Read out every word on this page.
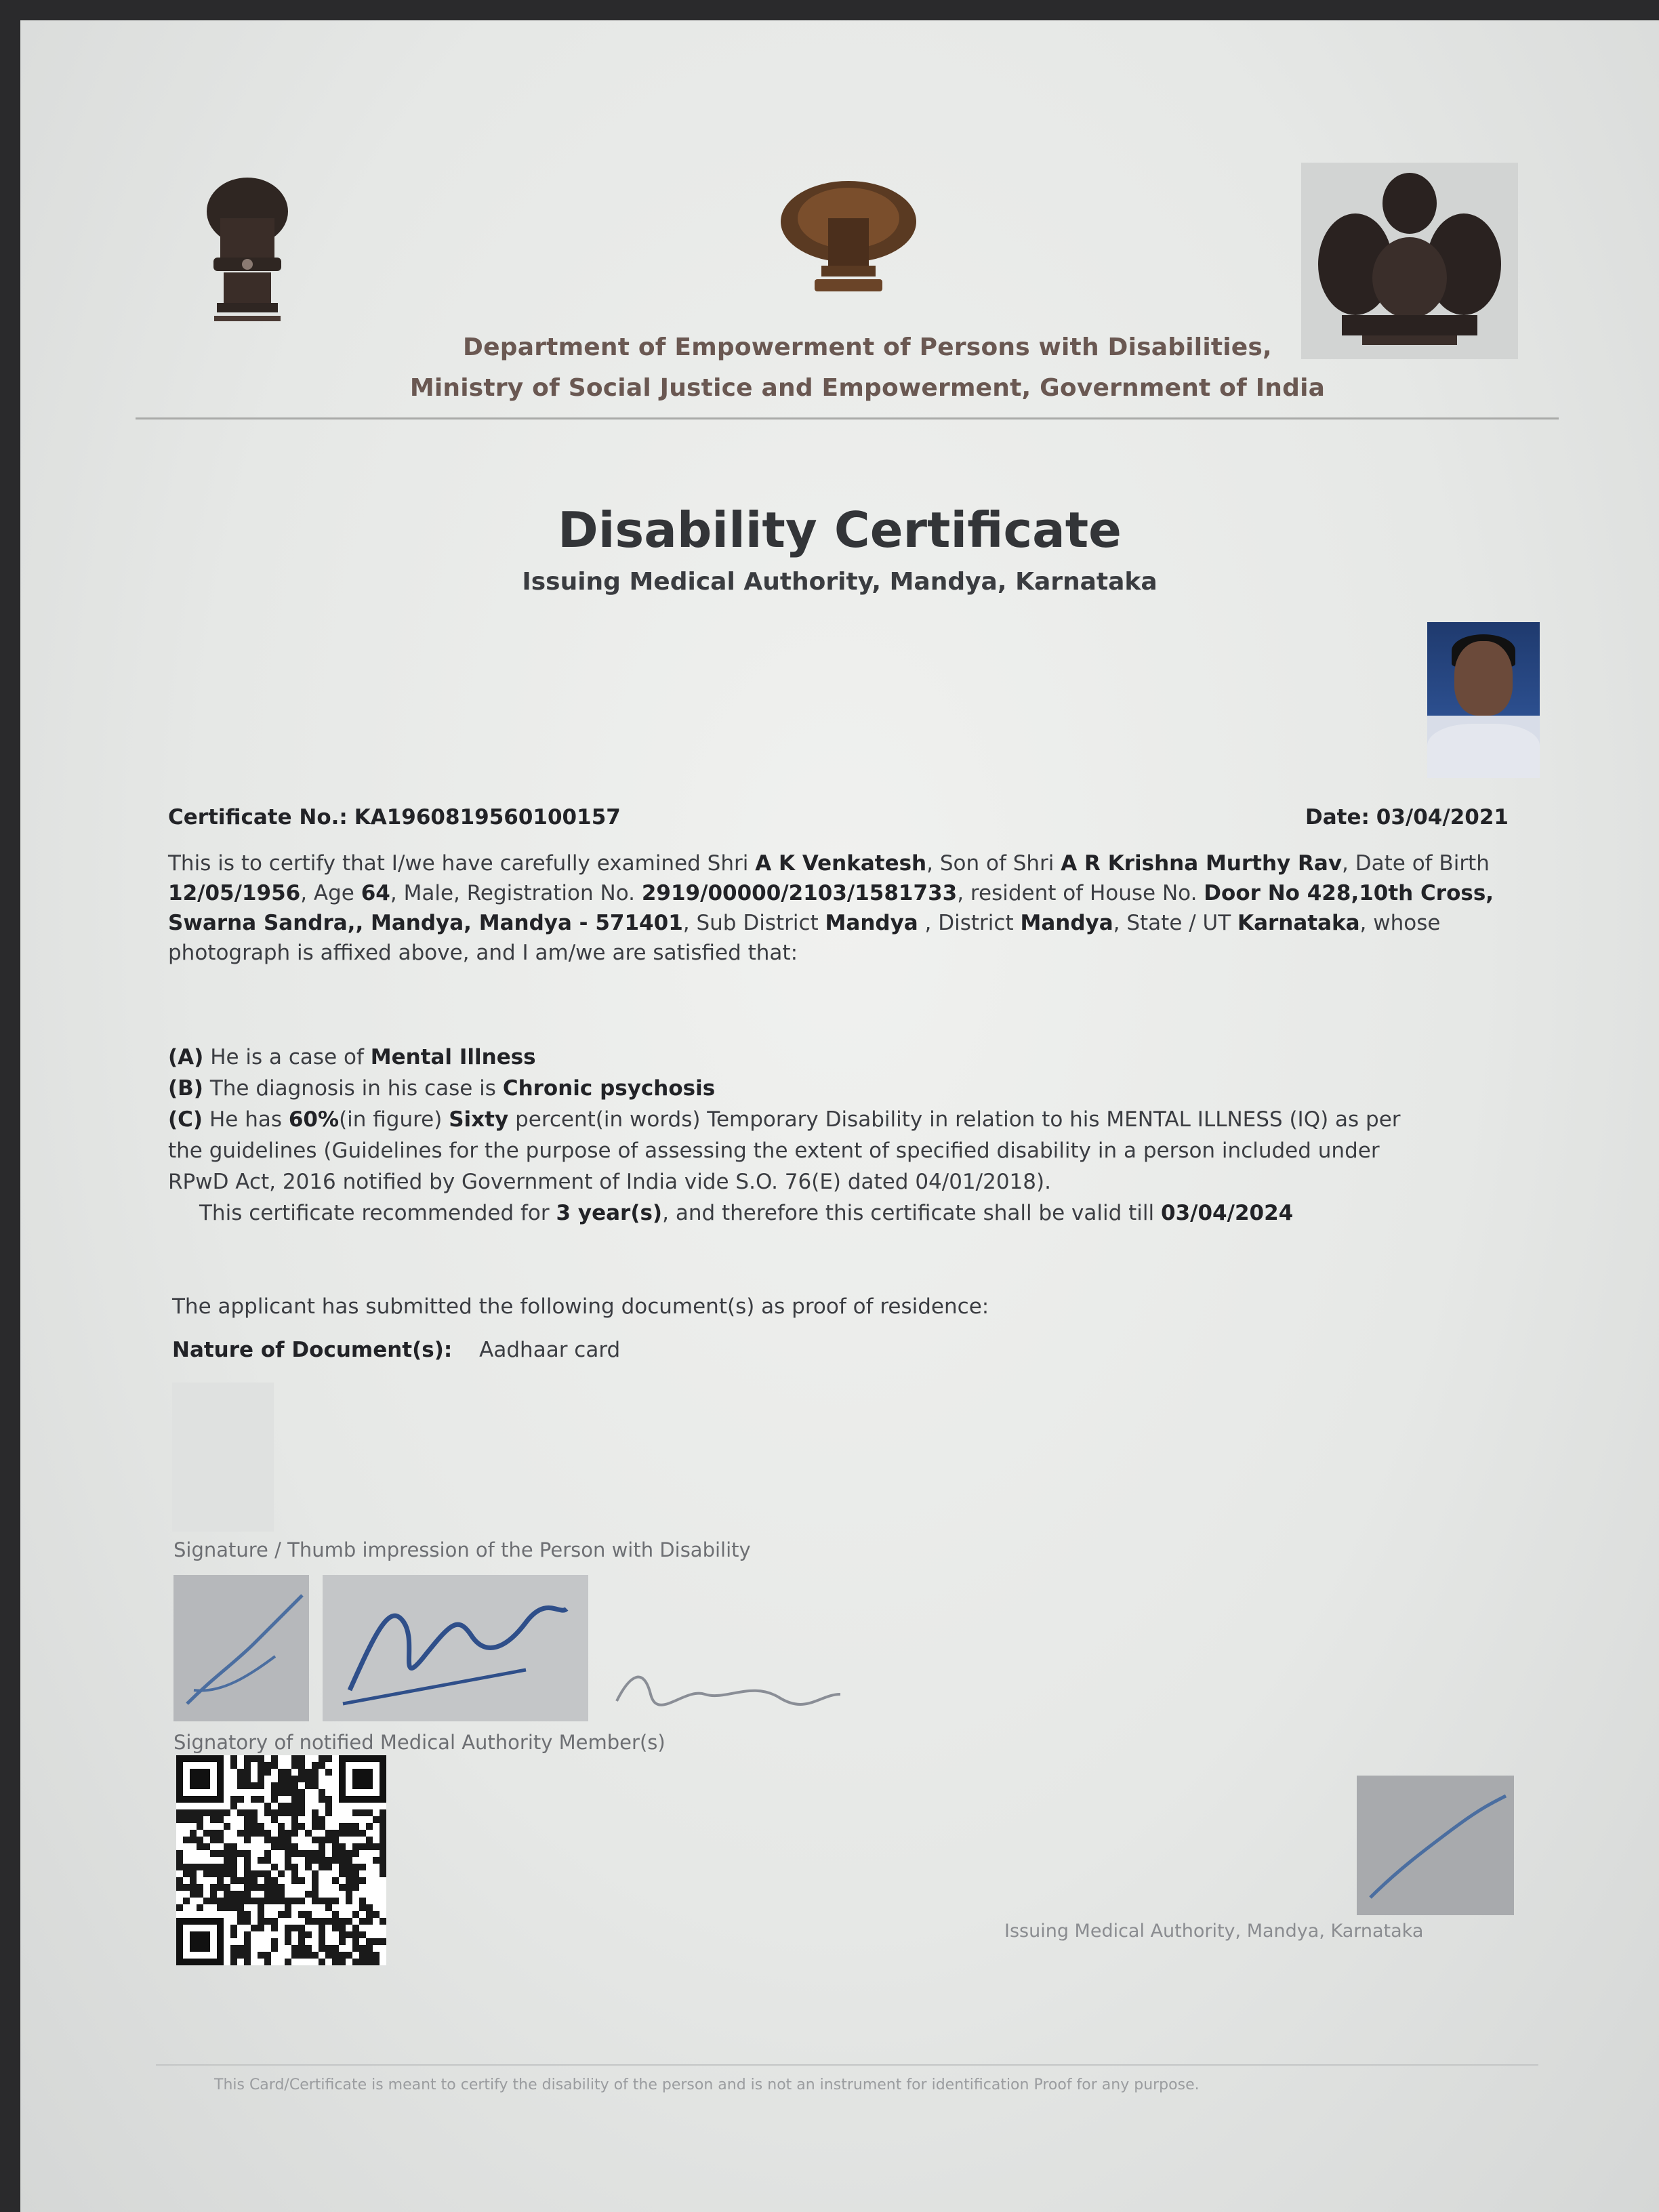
Department of Empowerment of Persons with Disabilities,
Ministry of Social Justice and Empowerment, Government of India
Disability Certificate
Issuing Medical Authority, Mandya, Karnataka
Certificate No.: KA1960819560100157	Date: 03/04/2021
This is to certify that I/we have carefully examined Shri A K Venkatesh, Son of Shri A R Krishna Murthy Rav, Date of Birth 12/05/1956, Age 64, Male, Registration No. 2919/00000/2103/1581733, resident of House No. Door No 428,10th Cross, Swarna Sandra,, Mandya, Mandya - 571401, Sub District Mandya , District Mandya, State / UT Karnataka, whose photograph is affixed above, and I am/we are satisfied that:
(A) He is a case of Mental Illness
(B) The diagnosis in his case is Chronic psychosis
(C) He has 60%(in figure) Sixty percent(in words) Temporary Disability in relation to his MENTAL ILLNESS (IQ) as per
the guidelines (Guidelines for the purpose of assessing the extent of specified disability in a person included under
RPwD Act, 2016 notified by Government of India vide S.O. 76(E) dated 04/01/2018).
This certificate recommended for 3 year(s), and therefore this certificate shall be valid till 03/04/2024
The applicant has submitted the following document(s) as proof of residence:
Nature of Document(s): Aadhaar card
Signature / Thumb impression of the Person with Disability
Signatory of notified Medical Authority Member(s)
Issuing Medical Authority, Mandya, Karnataka
This Card/Certificate is meant to certify the disability of the person and is not an instrument for identification Proof for any purpose.
